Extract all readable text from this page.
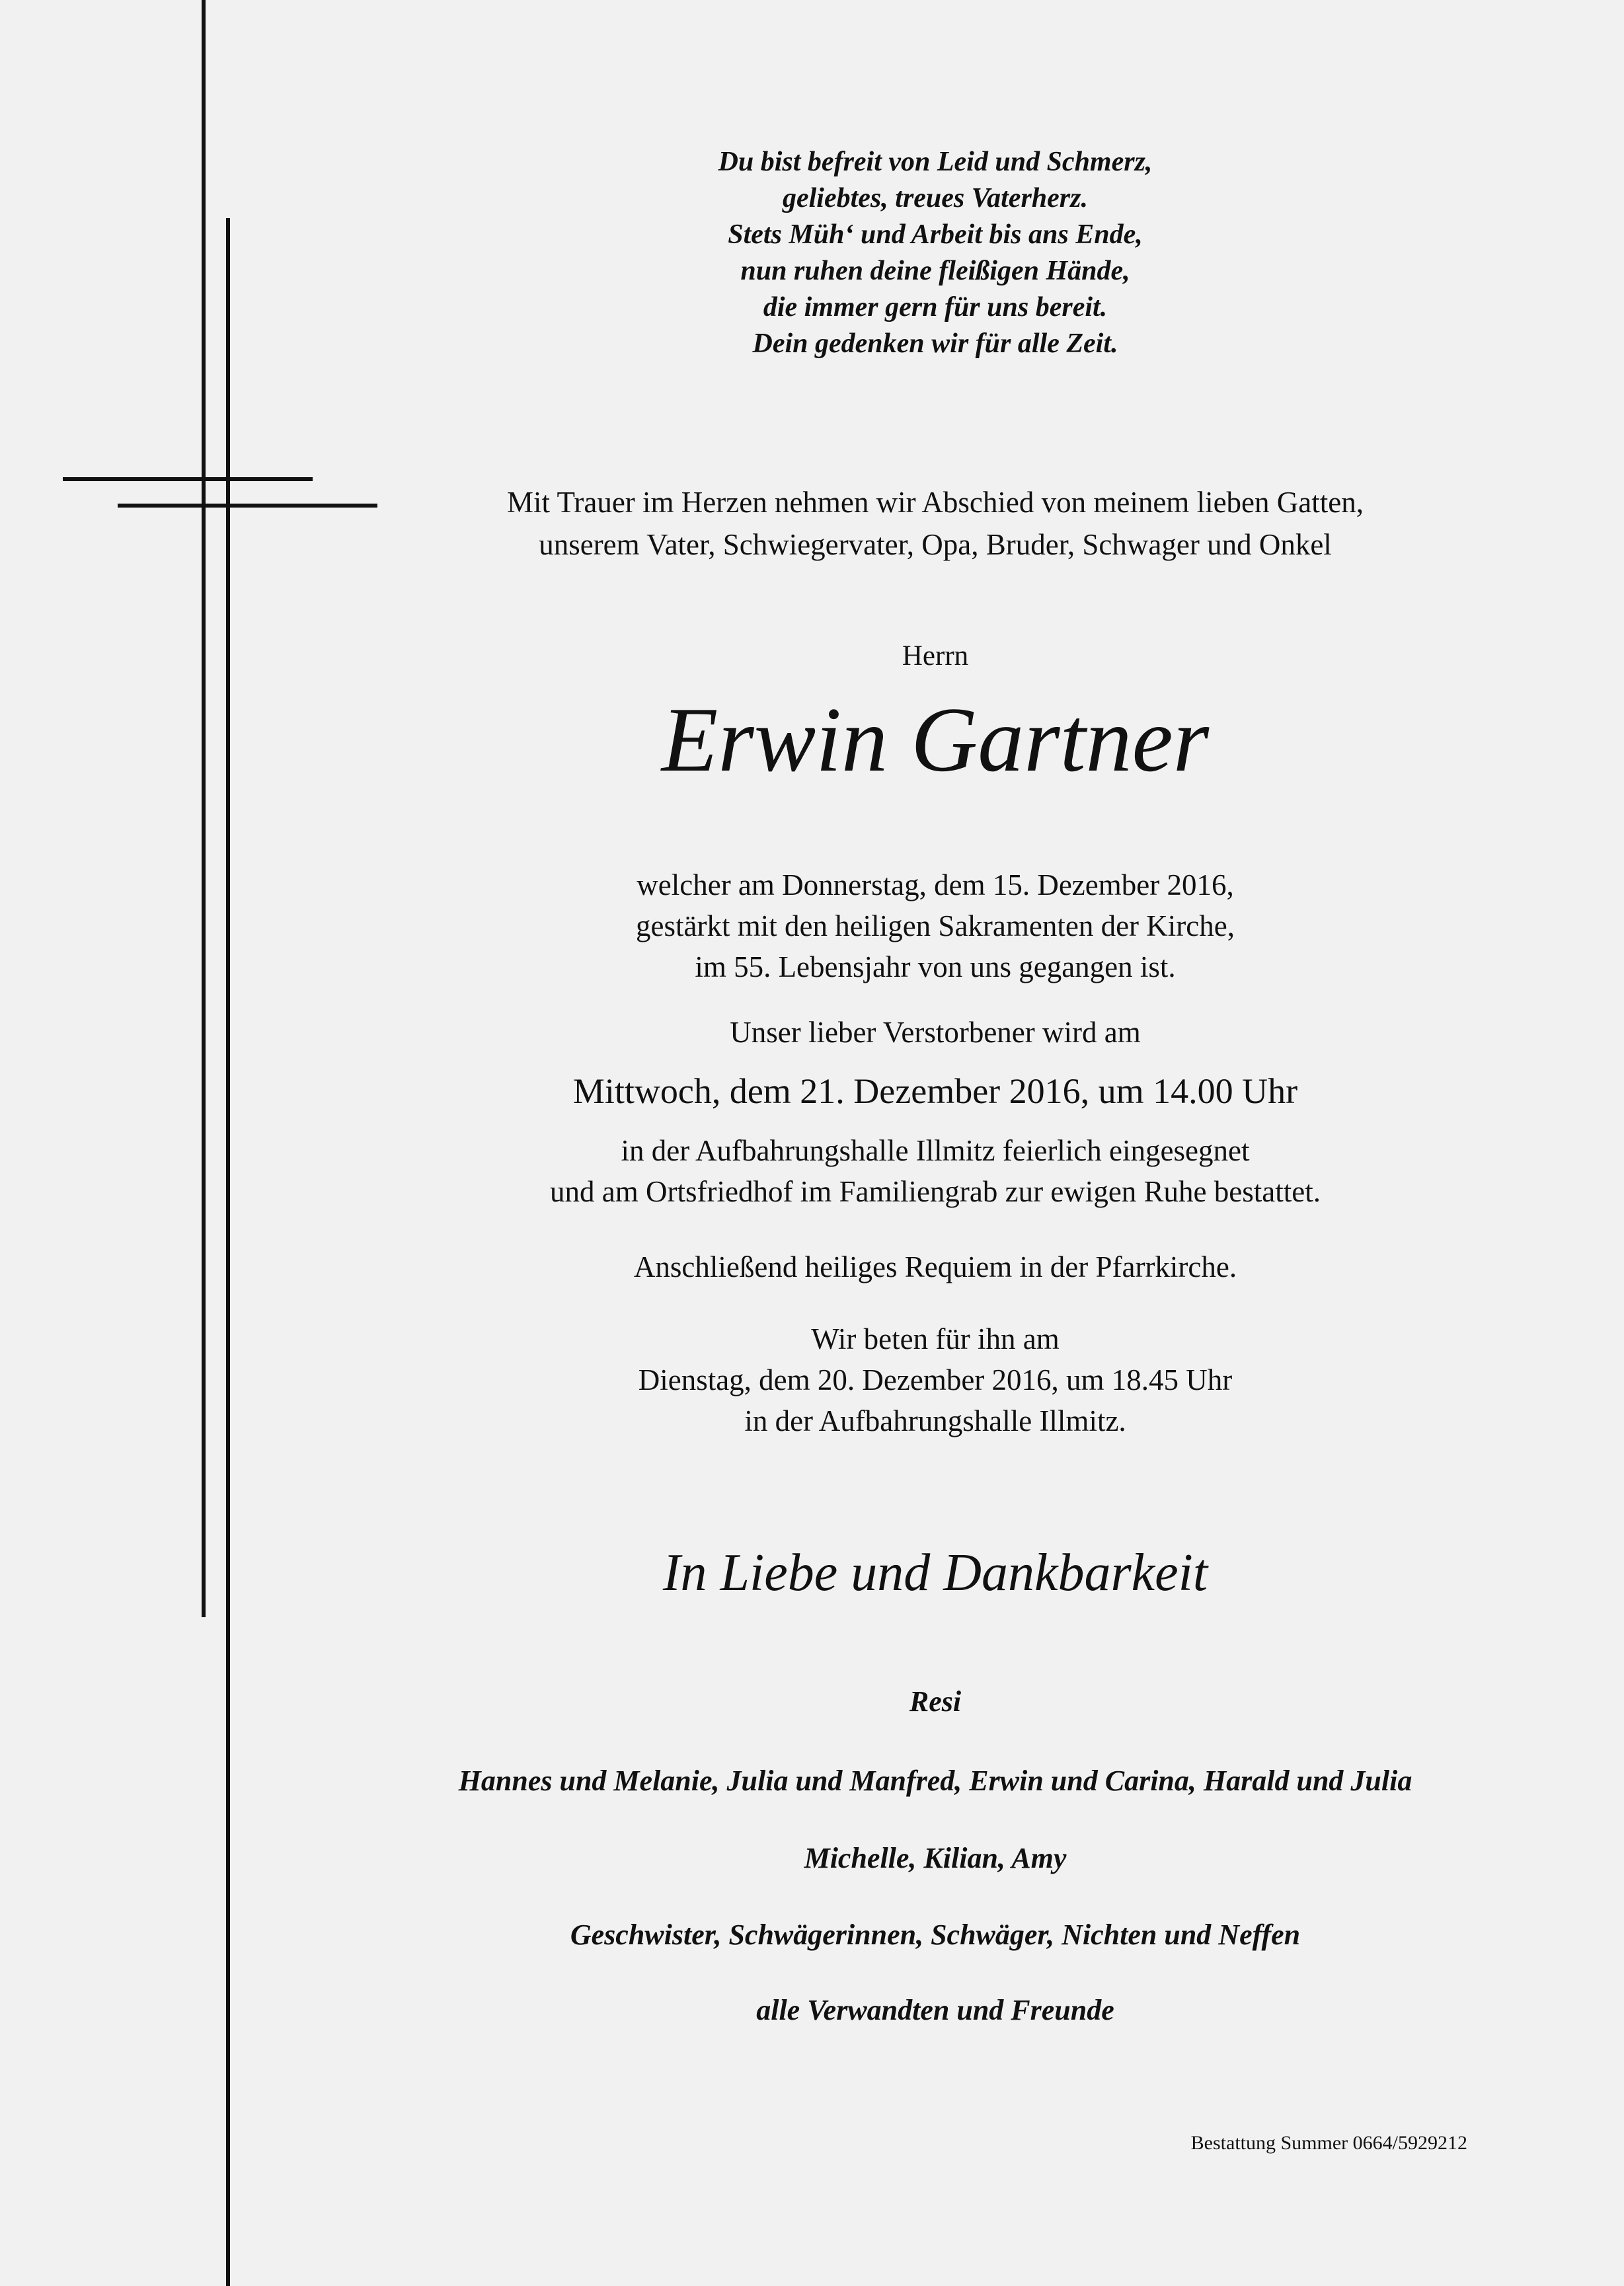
Du bist befreit von Leid und Schmerz,
geliebtes, treues Vaterherz.
Stets Müh‘ und Arbeit bis ans Ende,
nun ruhen deine fleißigen Hände,
die immer gern für uns bereit.
Dein gedenken wir für alle Zeit.
Mit Trauer im Herzen nehmen wir Abschied von meinem lieben Gatten,
unserem Vater, Schwiegervater, Opa, Bruder, Schwager und Onkel
Herrn
Erwin Gartner
welcher am Donnerstag, dem 15. Dezember 2016,
gestärkt mit den heiligen Sakramenten der Kirche,
im 55. Lebensjahr von uns gegangen ist.
Unser lieber Verstorbener wird am
Mittwoch, dem 21. Dezember 2016, um 14.00 Uhr
in der Aufbahrungshalle Illmitz feierlich eingesegnet
und am Ortsfriedhof im Familiengrab zur ewigen Ruhe bestattet.
Anschließend heiliges Requiem in der Pfarrkirche.
Wir beten für ihn am
Dienstag, dem 20. Dezember 2016, um 18.45 Uhr
in der Aufbahrungshalle Illmitz.
In Liebe und Dankbarkeit
Resi
Hannes und Melanie, Julia und Manfred, Erwin und Carina, Harald und Julia
Michelle, Kilian, Amy
Geschwister, Schwägerinnen, Schwäger, Nichten und Neffen
alle Verwandten und Freunde
Bestattung Summer 0664/5929212
